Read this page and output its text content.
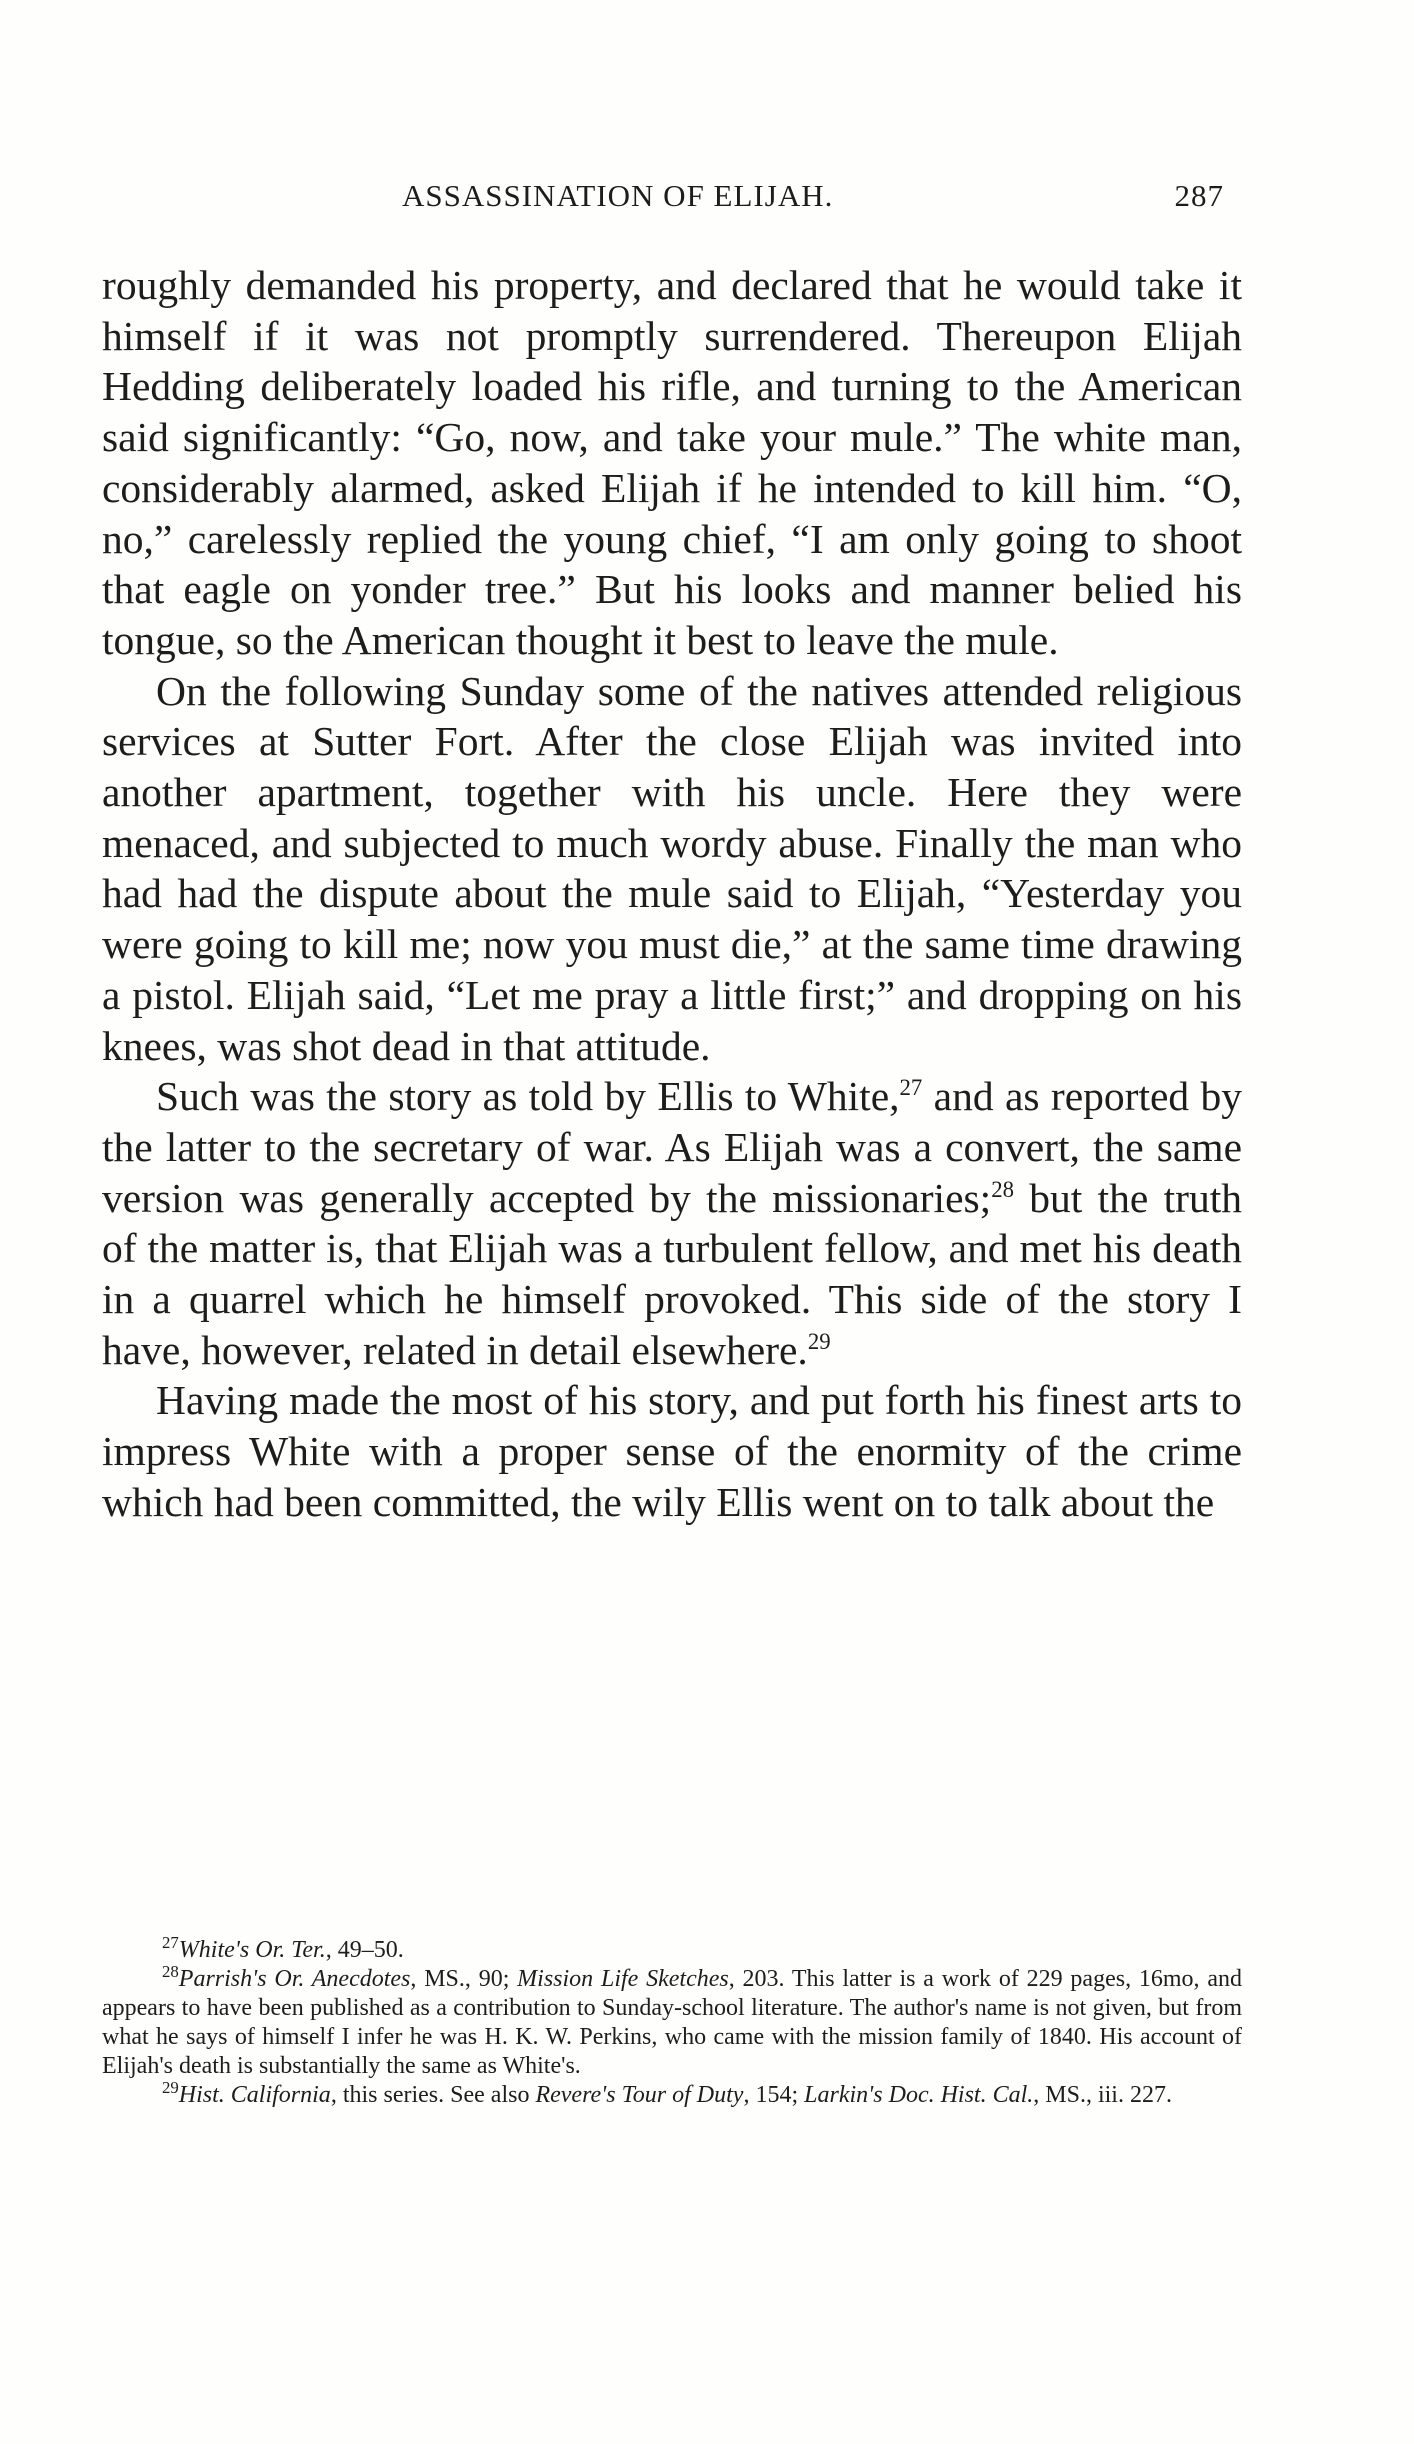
ASSASSINATION OF ELIJAH.	287

roughly demanded his property, and declared that he would take it himself if it was not promptly surrendered. Thereupon Elijah Hedding deliberately loaded his rifle, and turning to the American said significantly: “Go, now, and take your mule.” The white man, considerably alarmed, asked Elijah if he intended to kill him. “O, no,” carelessly replied the young chief, “I am only going to shoot that eagle on yonder tree.” But his looks and manner belied his tongue, so the American thought it best to leave the mule.

On the following Sunday some of the natives attended religious services at Sutter Fort. After the close Elijah was invited into another apartment, together with his uncle. Here they were menaced, and subjected to much wordy abuse. Finally the man who had had the dispute about the mule said to Elijah, “Yesterday you were going to kill me; now you must die,” at the same time drawing a pistol. Elijah said, “Let me pray a little first;” and dropping on his knees, was shot dead in that attitude.

Such was the story as told by Ellis to White,$^{27}$ and as reported by the latter to the secretary of war. As Elijah was a convert, the same version was generally accepted by the missionaries;$^{28}$ but the truth of the matter is, that Elijah was a turbulent fellow, and met his death in a quarrel which he himself provoked. This side of the story I have, however, related in detail elsewhere.$^{29}$

Having made the most of his story, and put forth his finest arts to impress White with a proper sense of the enormity of the crime which had been committed, the wily Ellis went on to talk about the

$^{27}$White's Or. Ter., 49–50.

$^{28}$Parrish's Or. Anecdotes, MS., 90; Mission Life Sketches, 203. This latter is a work of 229 pages, 16mo, and appears to have been published as a contribution to Sunday-school literature. The author's name is not given, but from what he says of himself I infer he was H. K. W. Perkins, who came with the mission family of 1840. His account of Elijah's death is substantially the same as White's.

$^{29}$Hist. California, this series. See also Revere's Tour of Duty, 154; Larkin's Doc. Hist. Cal., MS., iii. 227.
